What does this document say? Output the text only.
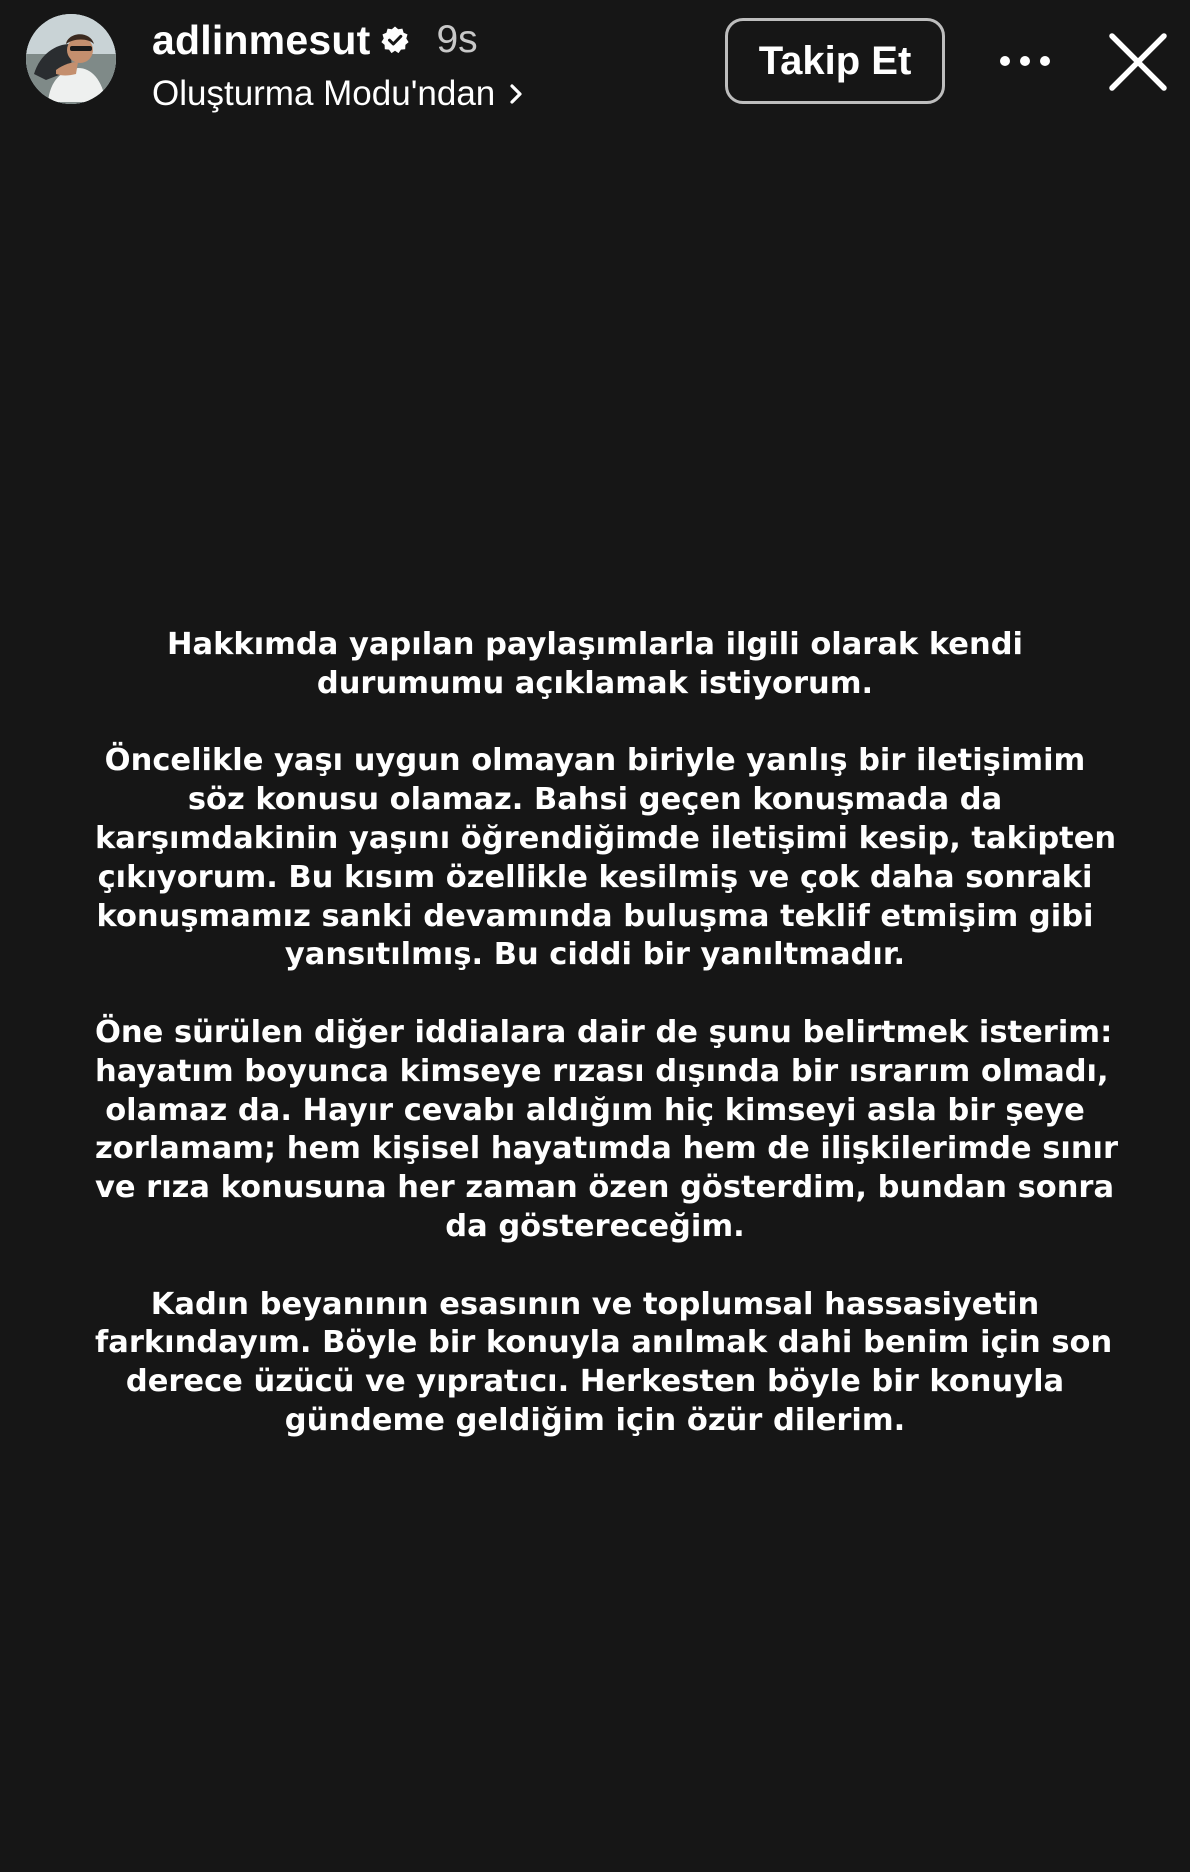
adlinmesut 9s
Oluşturma Modu'ndan
Takip Et
Hakkımda yapılan paylaşımlarla ilgili olarak kendi
durumumu açıklamak istiyorum.
Öncelikle yaşı uygun olmayan biriyle yanlış bir iletişimim
söz konusu olamaz. Bahsi geçen konuşmada da
karşımdakinin yaşını öğrendiğimde iletişimi kesip, takipten
çıkıyorum. Bu kısım özellikle kesilmiş ve çok daha sonraki
konuşmamız sanki devamında buluşma teklif etmişim gibi
yansıtılmış. Bu ciddi bir yanıltmadır.
Öne sürülen diğer iddialara dair de şunu belirtmek isterim:
hayatım boyunca kimseye rızası dışında bir ısrarım olmadı,
olamaz da. Hayır cevabı aldığım hiç kimseyi asla bir şeye
zorlamam; hem kişisel hayatımda hem de ilişkilerimde sınır
ve rıza konusuna her zaman özen gösterdim, bundan sonra
da göstereceğim.
Kadın beyanının esasının ve toplumsal hassasiyetin
farkındayım. Böyle bir konuyla anılmak dahi benim için son
derece üzücü ve yıpratıcı. Herkesten böyle bir konuyla
gündeme geldiğim için özür dilerim.
